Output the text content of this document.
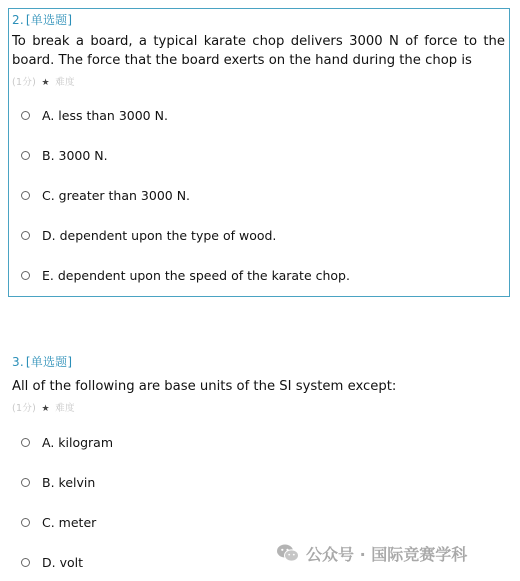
2. [单选题]
To break a board, a typical karate chop delivers 3000 N of force to the board. The force that the board exerts on the hand during the chop is
(1分) ★ 难度
A. less than 3000 N.
B. 3000 N.
C. greater than 3000 N.
D. dependent upon the type of wood.
E. dependent upon the speed of the karate chop.
3. [单选题]
All of the following are base units of the SI system except:
(1分) ★ 难度
A. kilogram
B. kelvin
C. meter
D. volt	公众号 · 国际竞赛学科
